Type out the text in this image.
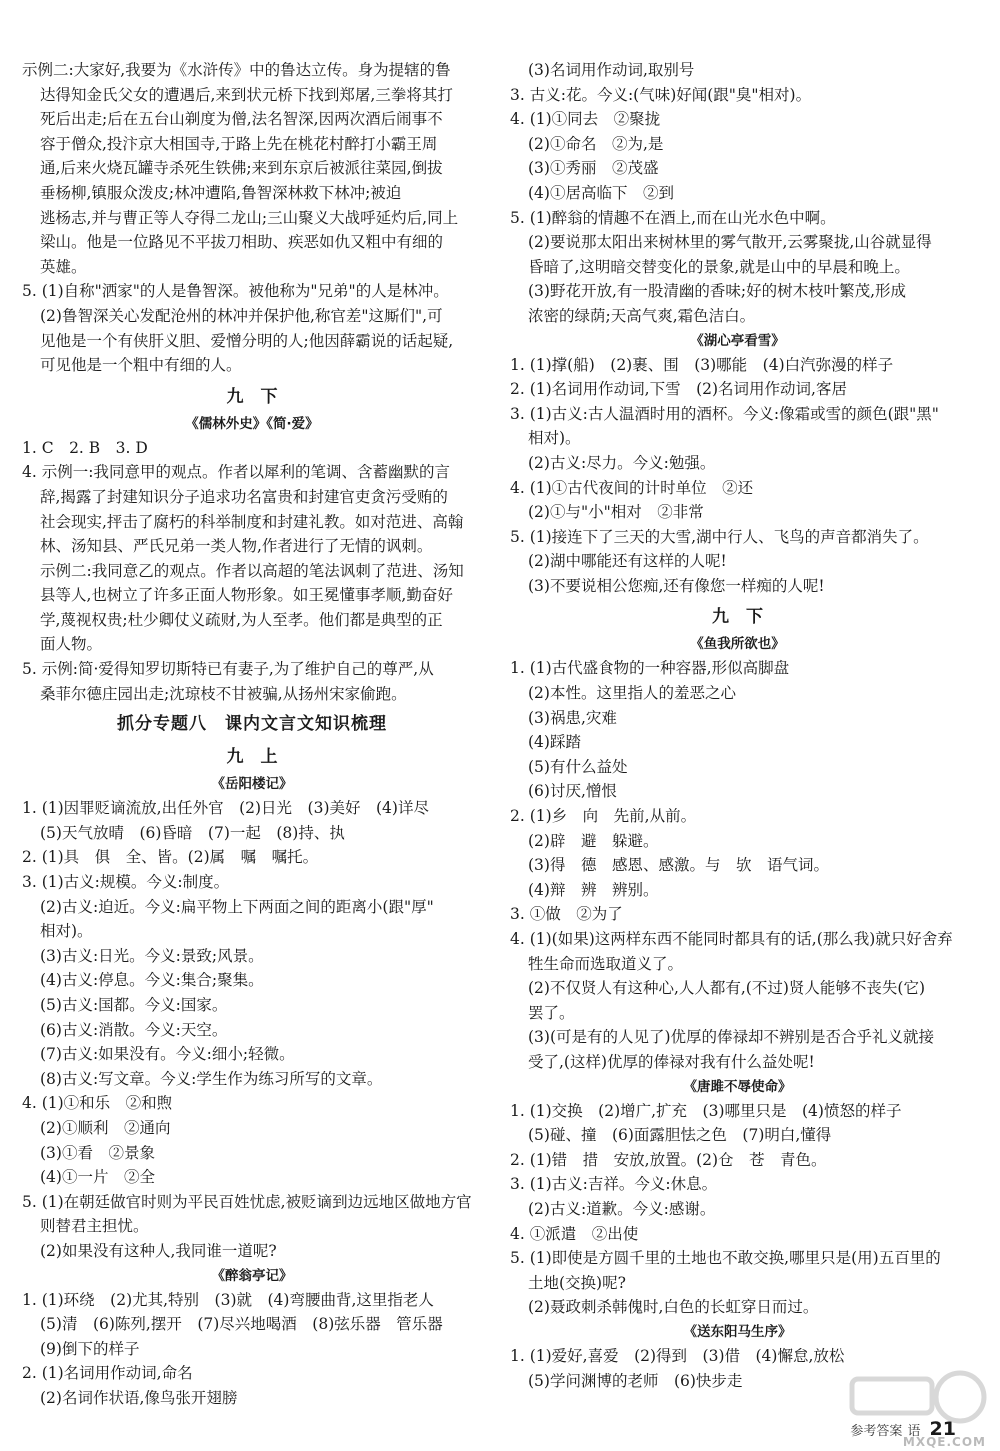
示例二:大家好,我要为《水浒传》中的鲁达立传。身为提辖的鲁
达得知金氏父女的遭遇后,来到状元桥下找到郑屠,三拳将其打
死后出走;后在五台山剃度为僧,法名智深,因两次酒后闹事不
容于僧众,投汴京大相国寺,于路上先在桃花村醉打小霸王周
通,后来火烧瓦罐寺杀死生铁佛;来到东京后被派往菜园,倒拔
垂杨柳,镇服众泼皮;林冲遭陷,鲁智深林救下林冲;被迫
逃杨志,并与曹正等人夺得二龙山;三山聚义大战呼延灼后,同上
梁山。他是一位路见不平拔刀相助、疾恶如仇又粗中有细的
英雄。
5. (1)自称"洒家"的人是鲁智深。被他称为"兄弟"的人是林冲。
(2)鲁智深关心发配沧州的林冲并保护他,称官差"这厮们",可
见他是一个有侠肝义胆、爱憎分明的人;他因薛霸说的话起疑,
可见他是一个粗中有细的人。
九　下
《儒林外史》《简·爱》
1. C　2. B　3. D
4. 示例一:我同意甲的观点。作者以犀利的笔调、含蓄幽默的言
辞,揭露了封建知识分子追求功名富贵和封建官吏贪污受贿的
社会现实,抨击了腐朽的科举制度和封建礼教。如对范进、高翰
林、汤知县、严氏兄弟一类人物,作者进行了无情的讽刺。
示例二:我同意乙的观点。作者以高超的笔法讽刺了范进、汤知
县等人,也树立了许多正面人物形象。如王冕懂事孝顺,勤奋好
学,蔑视权贵;杜少卿仗义疏财,为人至孝。他们都是典型的正
面人物。
5. 示例:简·爱得知罗切斯特已有妻子,为了维护自己的尊严,从
桑菲尔德庄园出走;沈琼枝不甘被骗,从扬州宋家偷跑。
抓分专题八　课内文言文知识梳理
九　上
《岳阳楼记》
1. (1)因罪贬谪流放,出任外官　(2)日光　(3)美好　(4)详尽
(5)天气放晴　(6)昏暗　(7)一起　(8)持、执
2. (1)具　俱　全、皆。(2)属　嘱　嘱托。
3. (1)古义:规模。今义:制度。
(2)古义:迫近。今义:扁平物上下两面之间的距离小(跟"厚"
相对)。
(3)古义:日光。今义:景致;风景。
(4)古义:停息。今义:集合;聚集。
(5)古义:国都。今义:国家。
(6)古义:消散。今义:天空。
(7)古义:如果没有。今义:细小;轻微。
(8)古义:写文章。今义:学生作为练习所写的文章。
4. (1)①和乐　②和煦
(2)①顺利　②通向
(3)①看　②景象
(4)①一片　②全
5. (1)在朝廷做官时则为平民百姓忧虑,被贬谪到边远地区做地方官
则替君主担忧。
(2)如果没有这种人,我同谁一道呢?
《醉翁亭记》
1. (1)环绕　(2)尤其,特别　(3)就　(4)弯腰曲背,这里指老人
(5)清　(6)陈列,摆开　(7)尽兴地喝酒　(8)弦乐器　管乐器
(9)倒下的样子
2. (1)名词用作动词,命名
(2)名词作状语,像鸟张开翅膀
(3)名词用作动词,取别号
3. 古义:花。今义:(气味)好闻(跟"臭"相对)。
4. (1)①同去　②聚拢
(2)①命名　②为,是
(3)①秀丽　②茂盛
(4)①居高临下　②到
5. (1)醉翁的情趣不在酒上,而在山光水色中啊。
(2)要说那太阳出来树林里的雾气散开,云雾聚拢,山谷就显得
昏暗了,这明暗交替变化的景象,就是山中的早晨和晚上。
(3)野花开放,有一股清幽的香味;好的树木枝叶繁茂,形成
浓密的绿荫;天高气爽,霜色洁白。
《湖心亭看雪》
1. (1)撑(船)　(2)裹、围　(3)哪能　(4)白汽弥漫的样子
2. (1)名词用作动词,下雪　(2)名词用作动词,客居
3. (1)古义:古人温酒时用的酒杯。今义:像霜或雪的颜色(跟"黑"
相对)。
(2)古义:尽力。今义:勉强。
4. (1)①古代夜间的计时单位　②还
(2)①与"小"相对　②非常
5. (1)接连下了三天的大雪,湖中行人、飞鸟的声音都消失了。
(2)湖中哪能还有这样的人呢!
(3)不要说相公您痴,还有像您一样痴的人呢!
九　下
《鱼我所欲也》
1. (1)古代盛食物的一种容器,形似高脚盘
(2)本性。这里指人的羞恶之心
(3)祸患,灾难
(4)踩踏
(5)有什么益处
(6)讨厌,憎恨
2. (1)乡　向　先前,从前。
(2)辟　避　躲避。
(3)得　德　感恩、感激。与　欤　语气词。
(4)辩　辨　辨别。
3. ①做　②为了
4. (1)(如果)这两样东西不能同时都具有的话,(那么我)就只好舍弃
牲生命而选取道义了。
(2)不仅贤人有这种心,人人都有,(不过)贤人能够不丧失(它)
罢了。
(3)(可是有的人见了)优厚的俸禄却不辨别是否合乎礼义就接
受了,(这样)优厚的俸禄对我有什么益处呢!
《唐雎不辱使命》
1. (1)交换　(2)增广,扩充　(3)哪里只是　(4)愤怒的样子
(5)碰、撞　(6)面露胆怯之色　(7)明白,懂得
2. (1)错　措　安放,放置。(2)仓　苍　青色。
3. (1)古义:吉祥。今义:休息。
(2)古义:道歉。今义:感谢。
4. ①派遣　②出使
5. (1)即使是方圆千里的土地也不敢交换,哪里只是(用)五百里的
土地(交换)呢?
(2)聂政刺杀韩傀时,白色的长虹穿日而过。
《送东阳马生序》
1. (1)爱好,喜爱　(2)得到　(3)借　(4)懈怠,放松
(5)学问渊博的老师　(6)快步走
参考答案 语 21
MXQE.COM
